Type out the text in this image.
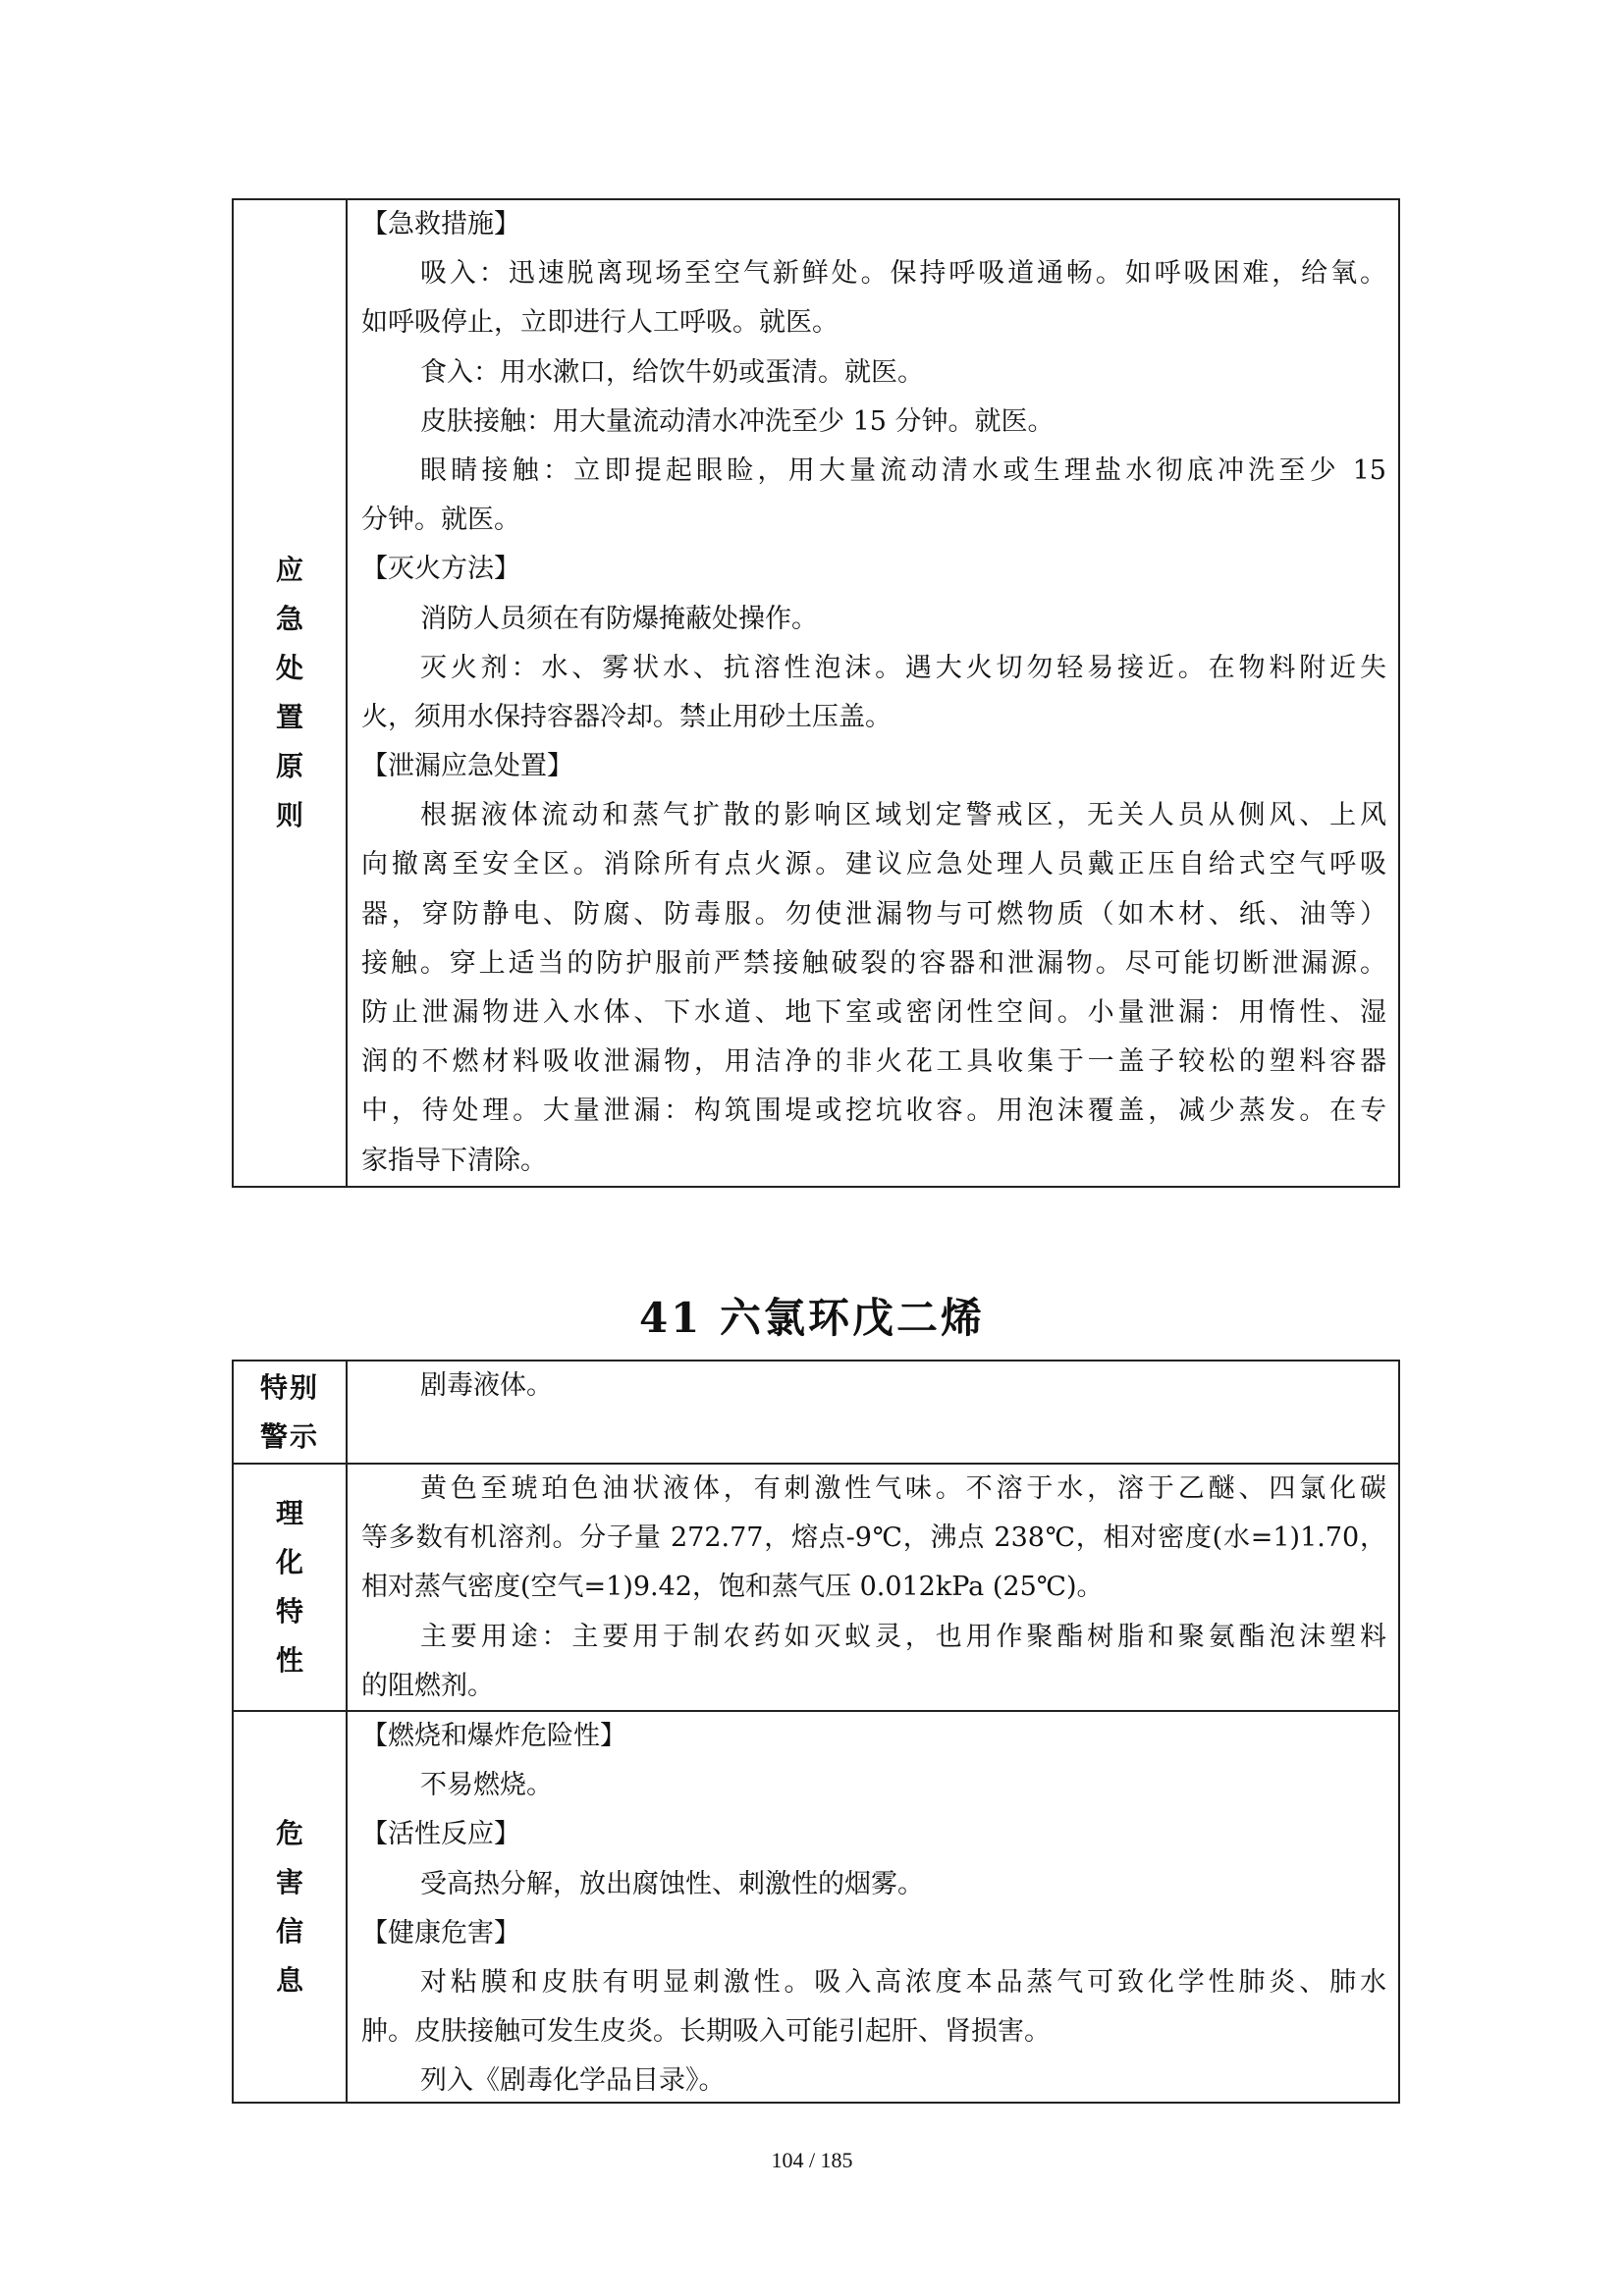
应
急
处
置
原
则
【急救措施】
吸入：迅速脱离现场至空气新鲜处。保持呼吸道通畅。如呼吸困难，给氧。
如呼吸停止，立即进行人工呼吸。就医。
食入：用水漱口，给饮牛奶或蛋清。就医。
皮肤接触：用大量流动清水冲洗至少 15 分钟。就医。
眼睛接触：立即提起眼睑，用大量流动清水或生理盐水彻底冲洗至少 15
分钟。就医。
【灭火方法】
消防人员须在有防爆掩蔽处操作。
灭火剂：水、雾状水、抗溶性泡沫。遇大火切勿轻易接近。在物料附近失
火，须用水保持容器冷却。禁止用砂土压盖。
【泄漏应急处置】
根据液体流动和蒸气扩散的影响区域划定警戒区，无关人员从侧风、上风
向撤离至安全区。消除所有点火源。建议应急处理人员戴正压自给式空气呼吸
器，穿防静电、防腐、防毒服。勿使泄漏物与可燃物质（如木材、纸、油等）
接触。穿上适当的防护服前严禁接触破裂的容器和泄漏物。尽可能切断泄漏源。
防止泄漏物进入水体、下水道、地下室或密闭性空间。小量泄漏：用惰性、湿
润的不燃材料吸收泄漏物，用洁净的非火花工具收集于一盖子较松的塑料容器
中，待处理。大量泄漏：构筑围堤或挖坑收容。用泡沫覆盖，减少蒸发。在专
家指导下清除。
41 六氯环戊二烯
特别
警示
剧毒液体。
理
化
特
性
黄色至琥珀色油状液体，有刺激性气味。不溶于水，溶于乙醚、四氯化碳
等多数有机溶剂。分子量 272.77，熔点-9℃，沸点 238℃，相对密度(水=1)1.70，
相对蒸气密度(空气=1)9.42，饱和蒸气压 0.012kPa (25℃)。
主要用途：主要用于制农药如灭蚁灵，也用作聚酯树脂和聚氨酯泡沫塑料
的阻燃剂。
危
害
信
息
【燃烧和爆炸危险性】
不易燃烧。
【活性反应】
受高热分解，放出腐蚀性、刺激性的烟雾。
【健康危害】
对粘膜和皮肤有明显刺激性。吸入高浓度本品蒸气可致化学性肺炎、肺水
肿。皮肤接触可发生皮炎。长期吸入可能引起肝、肾损害。
列入《剧毒化学品目录》。
104 / 185
